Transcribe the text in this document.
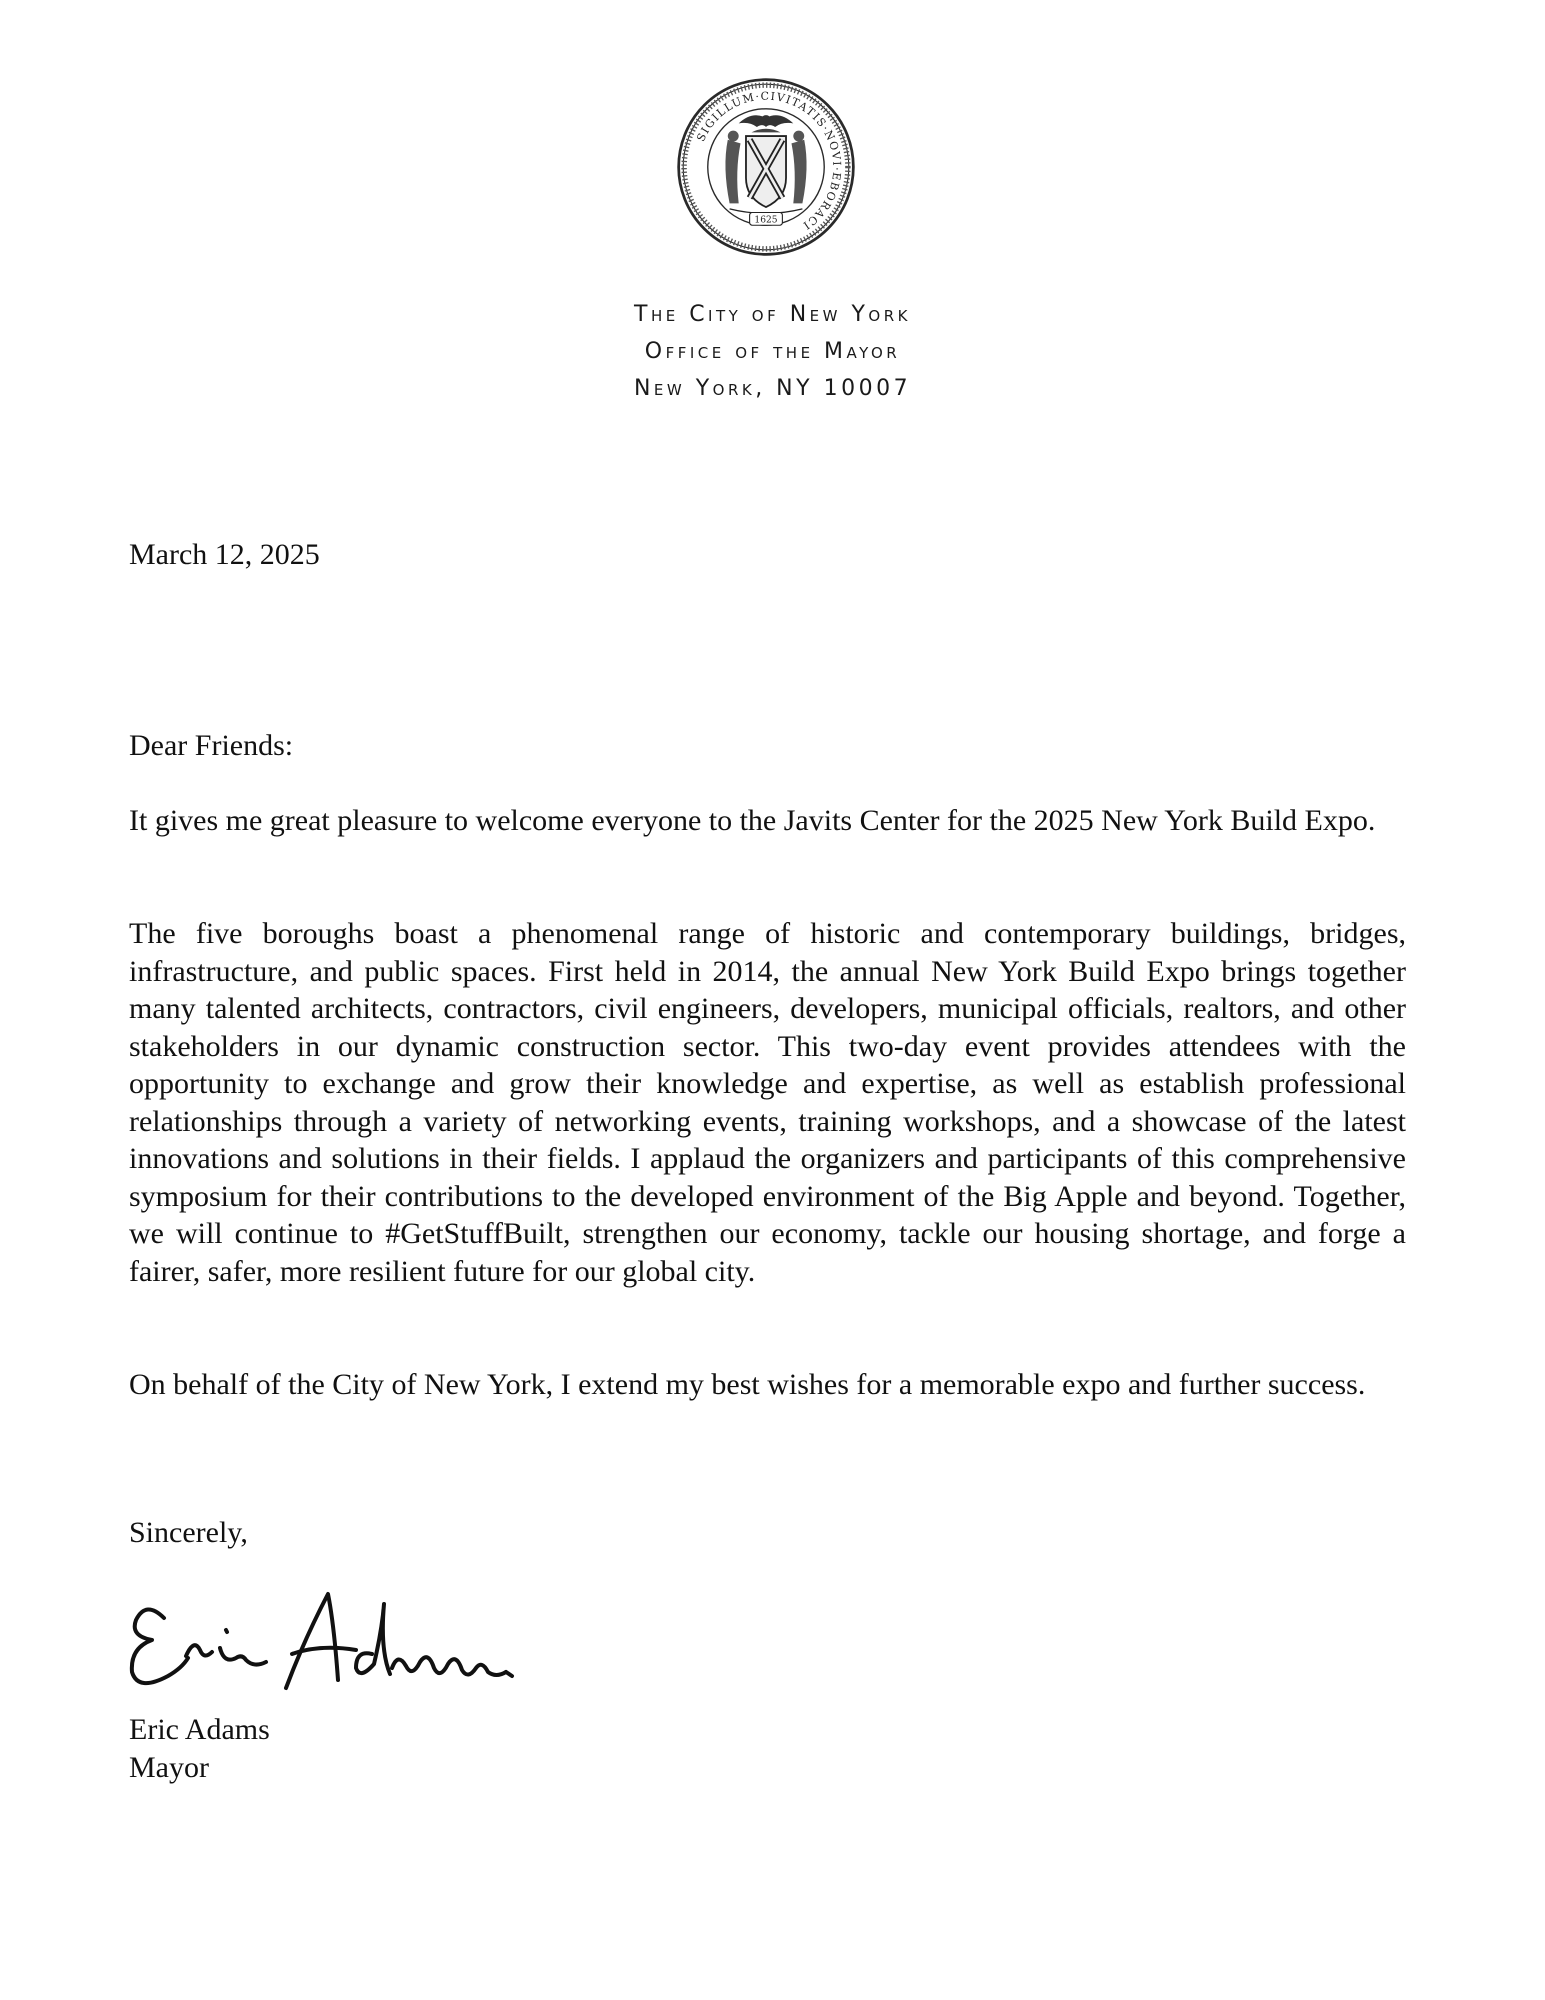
SIGILLUM·CIVITATIS·NOVI·EBORACI
1625
The City of New York
Office of the Mayor
New York, NY 10007
March 12, 2025
Dear Friends:
It gives me great pleasure to welcome everyone to the Javits Center for the 2025 New York Build Expo.
The five boroughs boast a phenomenal range of historic and contemporary buildings, bridges, infrastructure, and public spaces. First held in 2014, the annual New York Build Expo brings together many talented architects, contractors, civil engineers, developers, municipal officials, realtors, and other stakeholders in our dynamic construction sector. This two-day event provides attendees with the opportunity to exchange and grow their knowledge and expertise, as well as establish professional relationships through a variety of networking events, training workshops, and a showcase of the latest innovations and solutions in their fields. I applaud the organizers and participants of this comprehensive symposium for their contributions to the developed environment of the Big Apple and beyond. Together, we will continue to #GetStuffBuilt, strengthen our economy, tackle our housing shortage, and forge a fairer, safer, more resilient future for our global city.
On behalf of the City of New York, I extend my best wishes for a memorable expo and further success.
Sincerely,
Eric Adams
Mayor
